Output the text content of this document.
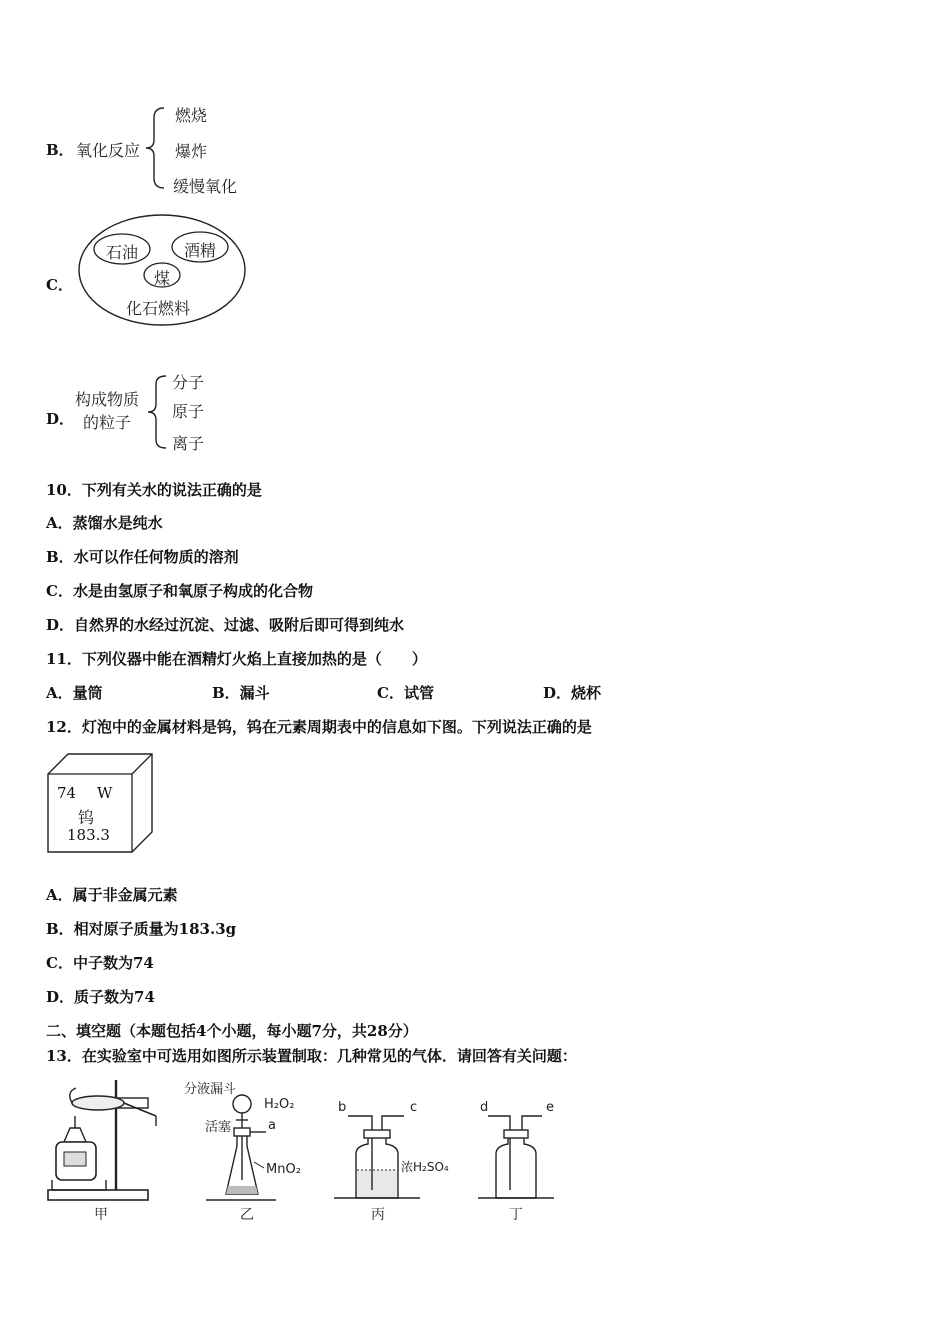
B． 氧化反应
燃烧
爆炸
缓慢氧化
C．
石油	酒精
煤
化石燃料
D．
构成物质
的粒子
分子
原子
离子
10．下列有关水的说法正确的是
A．蒸馏水是纯水
B．水可以作任何物质的溶剂
C．水是由氢原子和氧原子构成的化合物
D．自然界的水经过沉淀、过滤、吸附后即可得到纯水
11．下列仪器中能在酒精灯火焰上直接加热的是（　　）
A．量筒	B．漏斗	C．试管	D．烧杯
12．灯泡中的金属材料是钨，钨在元素周期表中的信息如下图。下列说法正确的是
74 W
钨
183.3
A．属于非金属元素
B．相对原子质量为183.3g
C．中子数为74
D．质子数为74
二、填空题（本题包括4个小题，每小题7分，共28分）
13．在实验室中可选用如图所示装置制取：几种常见的气体．请回答有关问题：
甲
分液漏斗
H₂O₂
活塞	a
MnO₂
乙
b	c
浓H₂SO₄
丙
d	e
丁
